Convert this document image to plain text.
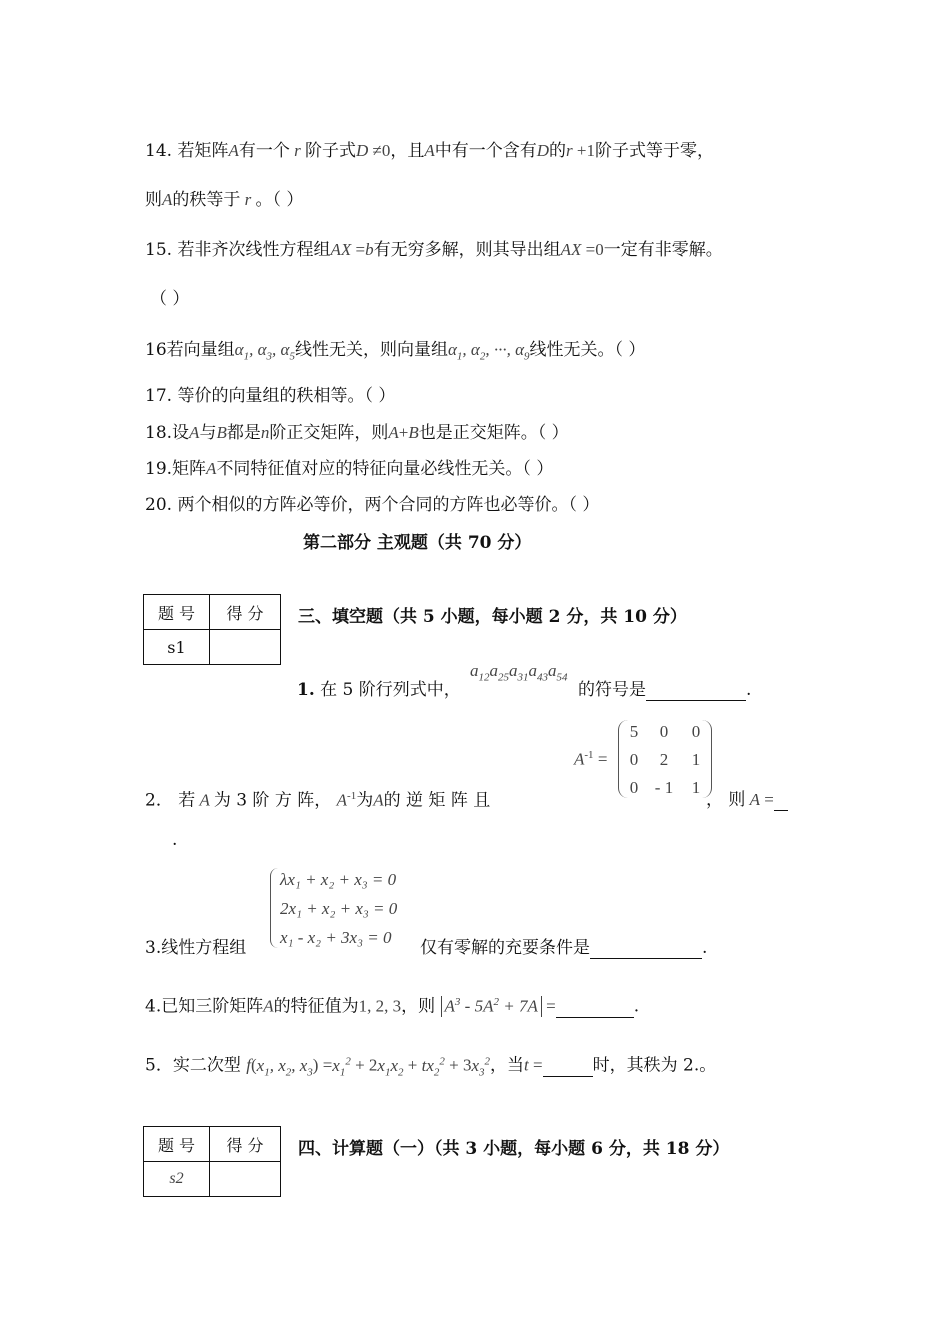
14. 若矩阵A有一个 r 阶子式D ≠0，且A中有一个含有D的r +1阶子式等于零，
则A的秩等于 r 。（ ）
15. 若非齐次线性方程组AX =b有无穷多解，则其导出组AX =0一定有非零解。
（ ）
16若向量组$\alpha_1$, $\alpha_3$, $\alpha_5$线性无关，则向量组$\alpha_1$, $\alpha_2$, ···, $\alpha_9$线性无关。（ ）
17. 等价的向量组的秩相等。（ ）
18.设A与B都是n阶正交矩阵，则A+B也是正交矩阵。（ ）
19.矩阵A不同特征值对应的特征向量必线性无关。（ ）
20. 两个相似的方阵必等价，两个合同的方阵也必等价。（ ）
第二部分 主观题（共 70 分）
题 号	得 分
s1	
三、填空题（共 5 小题，每小题 2 分，共 10 分）
1. 在 5 阶行列式中，
$a_{12}a_{25}a_{31}a_{43}a_{54}$
的符号是	.
$A^{-1}$ =
5	0	0
0	2	1
0 - 1	1
2． 若 A 为 3 阶 方 阵， $A^{-1}$为A的 逆 矩 阵 且	， 则 A =
.
λx₁ + x₂ + x₃ = 0
2x₁ + x₂ + x₃ = 0
x₁ - x₂ + 3x₃ = 0
3.线性方程组	仅有零解的充要条件是	.
4.已知三阶矩阵A的特征值为1, 2, 3，则 $A^3 - 5A^2 + 7A$ =	.
5．实二次型 $f(x_1$, $x_2$, $x_3) =x_1^2 + 2x_1x_2 + tx_2^2 + 3x_3^2$，当t =	时，其秩为 2.。
题 号	得 分
s2	
四、计算题（一）（共 3 小题，每小题 6 分，共 18 分）
